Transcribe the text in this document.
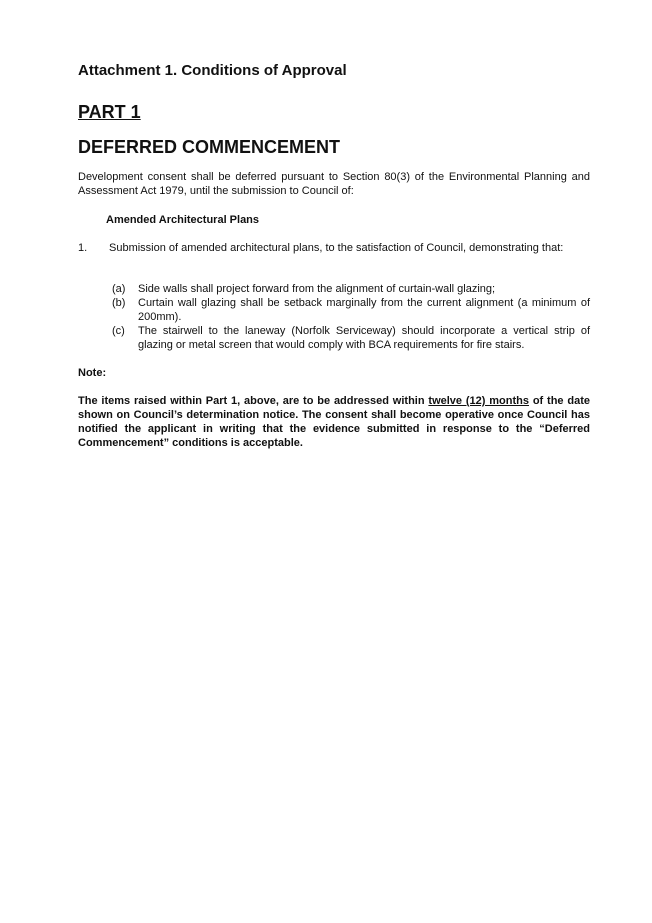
Attachment 1. Conditions of Approval
PART 1
DEFERRED COMMENCEMENT
Development consent shall be deferred pursuant to Section 80(3) of the Environmental Planning and Assessment Act 1979, until the submission to Council of:
Amended Architectural Plans
1. Submission of amended architectural plans, to the satisfaction of Council, demonstrating that:
(a) Side walls shall project forward from the alignment of curtain-wall glazing;
(b) Curtain wall glazing shall be setback marginally from the current alignment (a minimum of 200mm).
(c) The stairwell to the laneway (Norfolk Serviceway) should incorporate a vertical strip of glazing or metal screen that would comply with BCA requirements for fire stairs.
Note:
The items raised within Part 1, above, are to be addressed within twelve (12) months of the date shown on Council’s determination notice. The consent shall become operative once Council has notified the applicant in writing that the evidence submitted in response to the “Deferred Commencement” conditions is acceptable.
